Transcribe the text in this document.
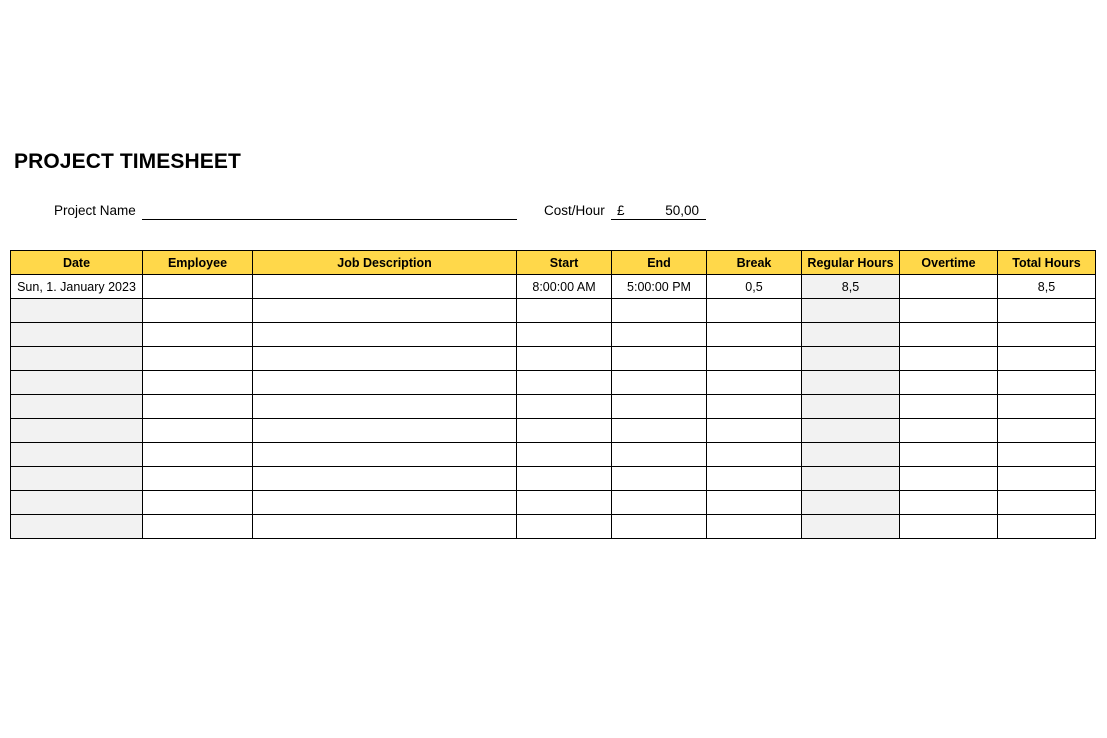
PROJECT TIMESHEET
Project Name	Cost/Hour £	50,00
Date	Employee	Job Description	Start	End	Break	Regular Hours	Overtime	Total Hours
Sun, 1. January 2023			8:00:00 AM	5:00:00 PM	0,5	8,5		8,5
